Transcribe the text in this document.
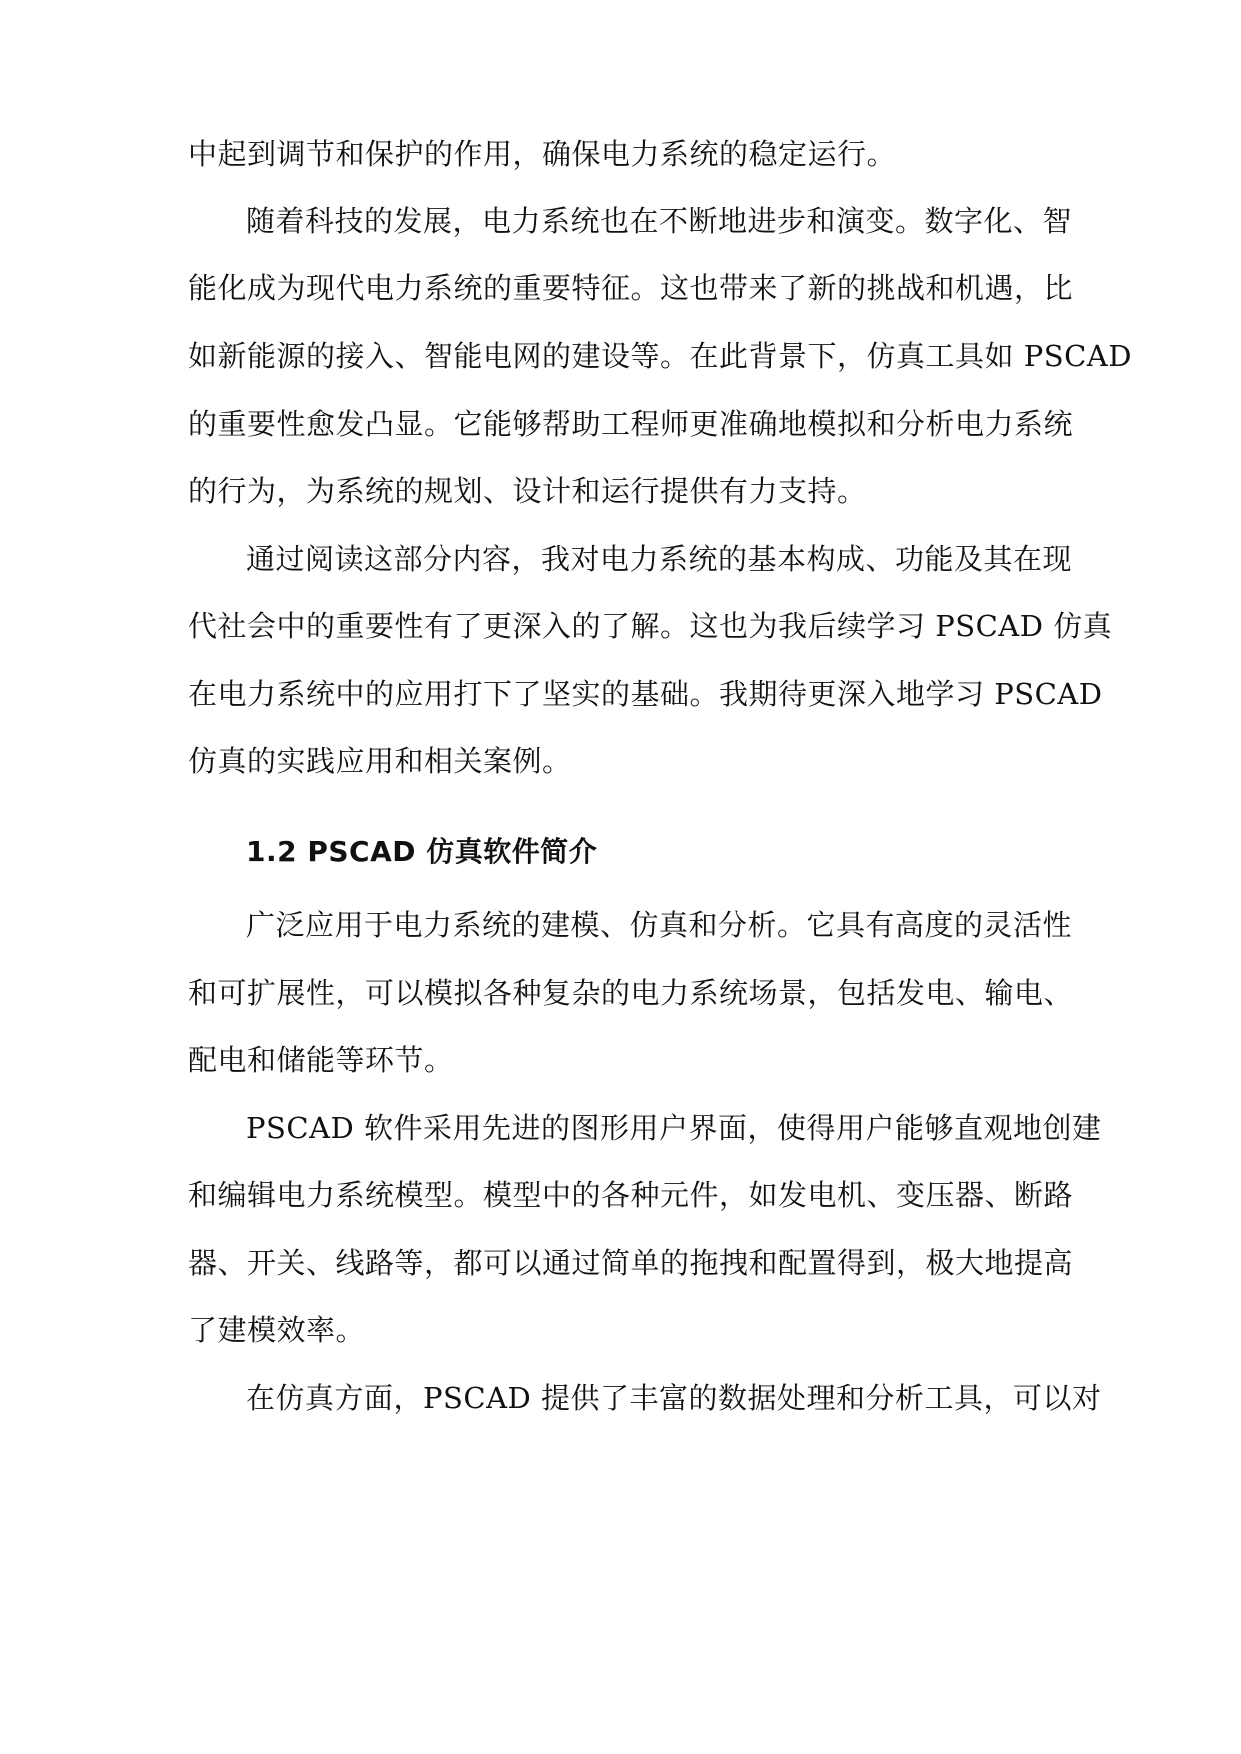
中起到调节和保护的作用，确保电力系统的稳定运行。
随着科技的发展，电力系统也在不断地进步和演变。数字化、智
能化成为现代电力系统的重要特征。这也带来了新的挑战和机遇，比
如新能源的接入、智能电网的建设等。在此背景下，仿真工具如 PSCAD
的重要性愈发凸显。它能够帮助工程师更准确地模拟和分析电力系统
的行为，为系统的规划、设计和运行提供有力支持。
通过阅读这部分内容，我对电力系统的基本构成、功能及其在现
代社会中的重要性有了更深入的了解。这也为我后续学习 PSCAD 仿真
在电力系统中的应用打下了坚实的基础。我期待更深入地学习 PSCAD
仿真的实践应用和相关案例。
1.2 PSCAD 仿真软件简介
广泛应用于电力系统的建模、仿真和分析。它具有高度的灵活性
和可扩展性，可以模拟各种复杂的电力系统场景，包括发电、输电、
配电和储能等环节。
PSCAD 软件采用先进的图形用户界面，使得用户能够直观地创建
和编辑电力系统模型。模型中的各种元件，如发电机、变压器、断路
器、开关、线路等，都可以通过简单的拖拽和配置得到，极大地提高
了建模效率。
在仿真方面，PSCAD 提供了丰富的数据处理和分析工具，可以对
